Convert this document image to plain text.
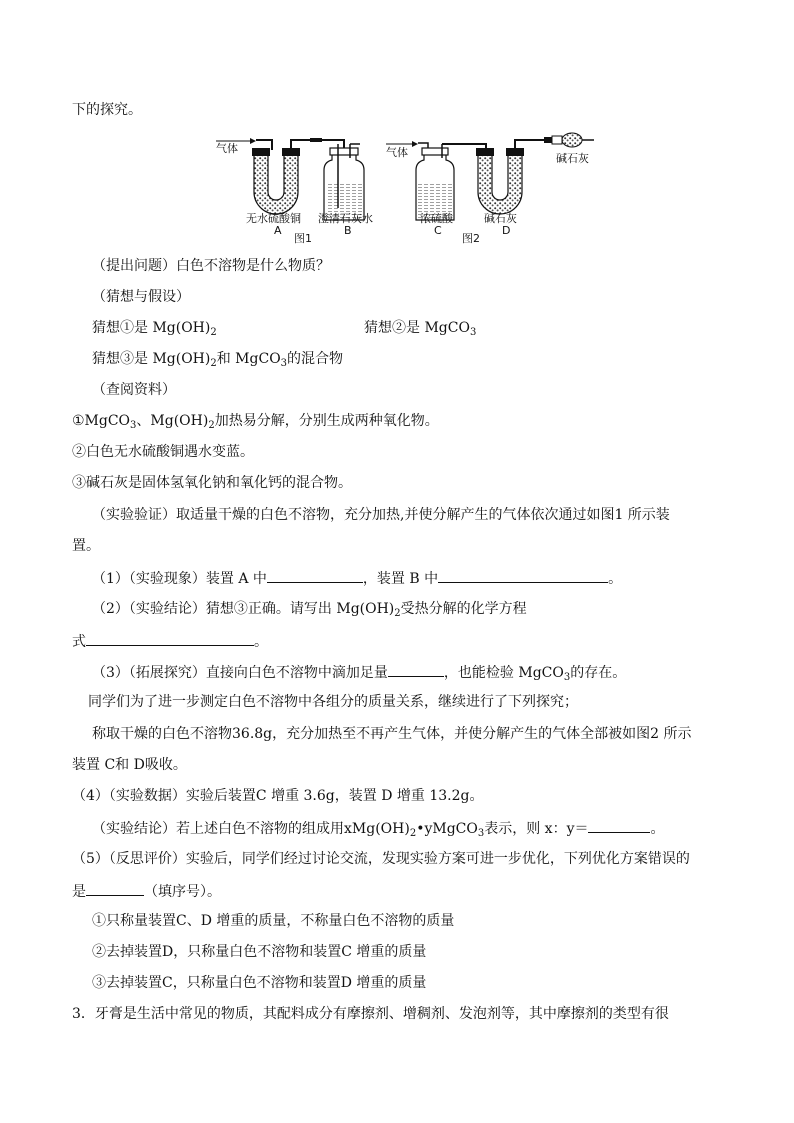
下的探究。
气体
无水硫酸铜
A
澄清石灰水
B
图1
气体	碱石灰
浓硫酸
C
碱石灰
D
图2
（提出问题）白色不溶物是什么物质？
（猜想与假设）
猜想①是 $Mg(OH)_2$	猜想②是 MgCO$_3$
猜想③是 $Mg(OH)_2$和 MgCO$_3$的混合物
（查阅资料）
①MgCO$_3$、$Mg(OH)_2$加热易分解，分别生成两种氧化物。
②白色无水硫酸铜遇水变蓝。
③碱石灰是固体氢氧化钠和氧化钙的混合物。
（实验验证）取适量干燥的白色不溶物，充分加热,并使分解产生的气体依次通过如图1 所示装
置。
（1）（实验现象）装置 A 中	，装置 B 中	。
（2）（实验结论）猜想③正确。请写出 $Mg(OH)_2$受热分解的化学方程
式	。
（3）（拓展探究）直接向白色不溶物中滴加足量	，也能检验 MgCO$_3$的存在。
同学们为了进一步测定白色不溶物中各组分的质量关系，继续进行了下列探究；
称取干燥的白色不溶物36.8g，充分加热至不再产生气体，并使分解产生的气体全部被如图2 所示
装置 C和 D吸收。
（4）（实验数据）实验后装置C 增重 3.6g，装置 D 增重 13.2g。
（实验结论）若上述白色不溶物的组成用$xMg(OH)_2•yMgCO_3$表示，则 x：y＝	。
（5）（反思评价）实验后，同学们经过讨论交流，发现实验方案可进一步优化，下列优化方案错误的
是	（填序号）。
①只称量装置C、D 增重的质量，不称量白色不溶物的质量
②去掉装置D，只称量白色不溶物和装置C 增重的质量
③去掉装置C，只称量白色不溶物和装置D 增重的质量
3．牙膏是生活中常见的物质，其配料成分有摩擦剂、增稠剂、发泡剂等，其中摩擦剂的类型有很
